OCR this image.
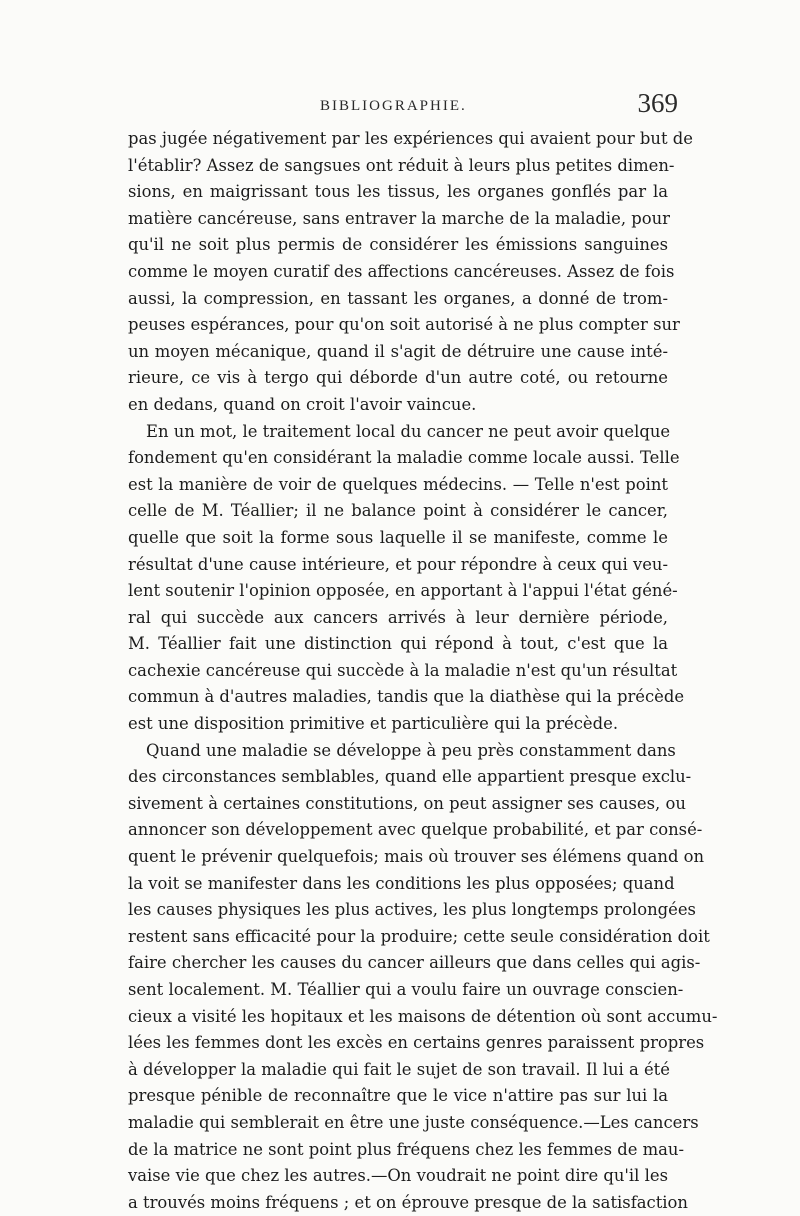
BIBLIOGRAPHIE.	369
pas jugée négativement par les expériences qui avaient pour but de
l'établir? Assez de sangsues ont réduit à leurs plus petites dimen-
sions, en maigrissant tous les tissus, les organes gonflés par la
matière cancéreuse, sans entraver la marche de la maladie, pour
qu'il ne soit plus permis de considérer les émissions sanguines
comme le moyen curatif des affections cancéreuses. Assez de fois
aussi, la compression, en tassant les organes, a donné de trom-
peuses espérances, pour qu'on soit autorisé à ne plus compter sur
un moyen mécanique, quand il s'agit de détruire une cause inté-
rieure, ce vis à tergo qui déborde d'un autre coté, ou retourne
en dedans, quand on croit l'avoir vaincue.
En un mot, le traitement local du cancer ne peut avoir quelque
fondement qu'en considérant la maladie comme locale aussi. Telle
est la manière de voir de quelques médecins. — Telle n'est point
celle de M. Téallier; il ne balance point à considérer le cancer,
quelle que soit la forme sous laquelle il se manifeste, comme le
résultat d'une cause intérieure, et pour répondre à ceux qui veu-
lent soutenir l'opinion opposée, en apportant à l'appui l'état géné-
ral qui succède aux cancers arrivés à leur dernière période,
M. Téallier fait une distinction qui répond à tout, c'est que la
cachexie cancéreuse qui succède à la maladie n'est qu'un résultat
commun à d'autres maladies, tandis que la diathèse qui la précède
est une disposition primitive et particulière qui la précède.
Quand une maladie se développe à peu près constamment dans
des circonstances semblables, quand elle appartient presque exclu-
sivement à certaines constitutions, on peut assigner ses causes, ou
annoncer son développement avec quelque probabilité, et par consé-
quent le prévenir quelquefois; mais où trouver ses élémens quand on
la voit se manifester dans les conditions les plus opposées; quand
les causes physiques les plus actives, les plus longtemps prolongées
restent sans efficacité pour la produire; cette seule considération doit
faire chercher les causes du cancer ailleurs que dans celles qui agis-
sent localement. M. Téallier qui a voulu faire un ouvrage conscien-
cieux a visité les hopitaux et les maisons de détention où sont accumu-
lées les femmes dont les excès en certains genres paraissent propres
à développer la maladie qui fait le sujet de son travail. Il lui a été
presque pénible de reconnaître que le vice n'attire pas sur lui la
maladie qui semblerait en être une juste conséquence.—Les cancers
de la matrice ne sont point plus fréquens chez les femmes de mau-
vaise vie que chez les autres.—On voudrait ne point dire qu'il les
a trouvés moins fréquens ; et on éprouve presque de la satisfaction
